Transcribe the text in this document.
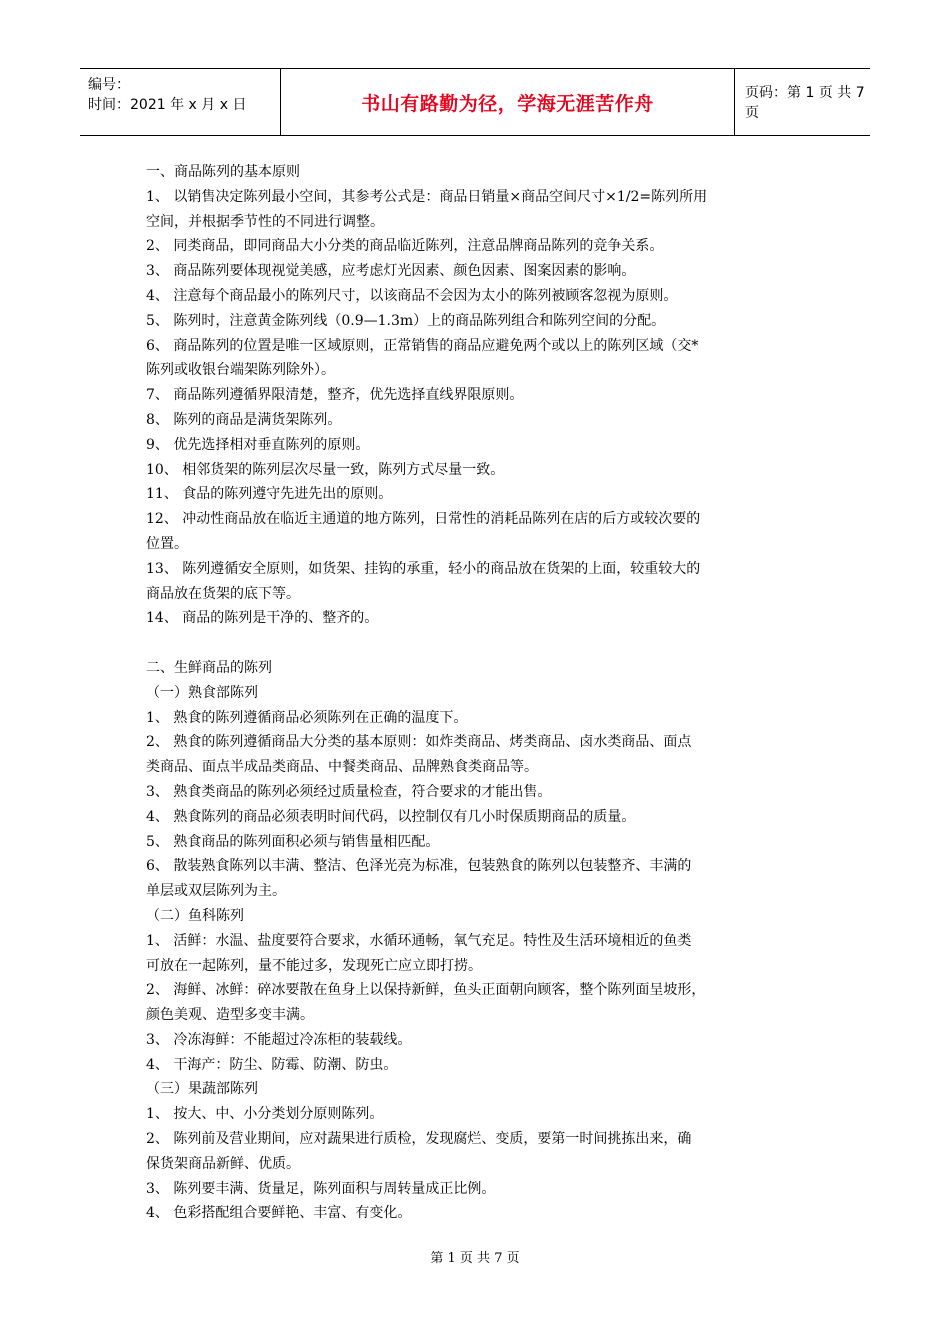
编号：
时间：2021 年 x 月 x 日	书山有路勤为径，学海无涯苦作舟	页码：第 1 页 共 7 页

一、商品陈列的基本原则

1、 以销售决定陈列最小空间，其参考公式是：商品日销量×商品空间尺寸×1/2=陈列所用

空间，并根据季节性的不同进行调整。

2、 同类商品，即同商品大小分类的商品临近陈列，注意品牌商品陈列的竞争关系。

3、 商品陈列要体现视觉美感，应考虑灯光因素、颜色因素、图案因素的影响。

4、 注意每个商品最小的陈列尺寸，以该商品不会因为太小的陈列被顾客忽视为原则。

5、 陈列时，注意黄金陈列线（0.9—1.3m）上的商品陈列组合和陈列空间的分配。

6、 商品陈列的位置是唯一区域原则，正常销售的商品应避免两个或以上的陈列区域（交*

陈列或收银台端架陈列除外）。

7、 商品陈列遵循界限清楚，整齐，优先选择直线界限原则。

8、 陈列的商品是满货架陈列。

9、 优先选择相对垂直陈列的原则。

10、 相邻货架的陈列层次尽量一致，陈列方式尽量一致。

11、 食品的陈列遵守先进先出的原则。

12、 冲动性商品放在临近主通道的地方陈列，日常性的消耗品陈列在店的后方或较次要的

位置。

13、 陈列遵循安全原则，如货架、挂钩的承重，轻小的商品放在货架的上面，较重较大的

商品放在货架的底下等。

14、 商品的陈列是干净的、整齐的。

二、生鲜商品的陈列

（一）熟食部陈列

1、 熟食的陈列遵循商品必须陈列在正确的温度下。

2、 熟食的陈列遵循商品大分类的基本原则：如炸类商品、烤类商品、卤水类商品、面点

类商品、面点半成品类商品、中餐类商品、品牌熟食类商品等。

3、 熟食类商品的陈列必须经过质量检查，符合要求的才能出售。

4、 熟食陈列的商品必须表明时间代码，以控制仅有几小时保质期商品的质量。

5、 熟食商品的陈列面积必须与销售量相匹配。

6、 散装熟食陈列以丰满、整洁、色泽光亮为标准，包装熟食的陈列以包装整齐、丰满的

单层或双层陈列为主。

（二）鱼科陈列

1、 活鲜：水温、盐度要符合要求，水循环通畅，氧气充足。特性及生活环境相近的鱼类

可放在一起陈列，量不能过多，发现死亡应立即打捞。

2、 海鲜、冰鲜：碎冰要散在鱼身上以保持新鲜，鱼头正面朝向顾客，整个陈列面呈坡形，

颜色美观、造型多变丰满。

3、 冷冻海鲜：不能超过冷冻柜的装载线。

4、 干海产：防尘、防霉、防潮、防虫。

（三）果蔬部陈列

1、 按大、中、小分类划分原则陈列。

2、 陈列前及营业期间，应对蔬果进行质检，发现腐烂、变质，要第一时间挑拣出来，确

保货架商品新鲜、优质。

3、 陈列要丰满、货量足，陈列面积与周转量成正比例。

4、 色彩搭配组合要鲜艳、丰富、有变化。

第 1 页 共 7 页
